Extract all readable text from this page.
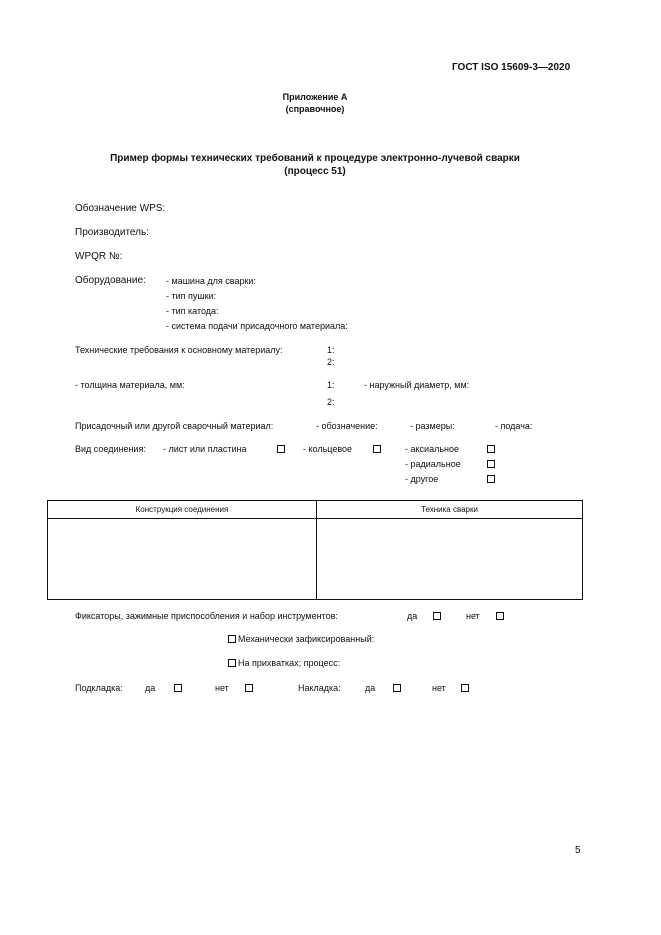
ГОСТ ISO 15609-3—2020
Приложение А
(справочное)
Пример формы технических требований к процедуре электронно-лучевой сварки
(процесс 51)
Обозначение WPS:
Производитель:
WPQR №:
Оборудование: - машина для сварки:
- тип пушки:
- тип катода:
- система подачи присадочного материала:
Технические требования к основному материалу:	1:
2:
- толщина материала, мм:	1:	- наружный диаметр, мм:
2:
Присадочный или другой сварочный материал:	- обозначение:	- размеры:	- подача:
Вид соединения: - лист или пластина	- кольцевое	- аксиальное
- радиальное
- другое
Конструкция соединения	Техника сварки

Фиксаторы, зажимные приспособления и набор инструментов:	да	нет
Механически зафиксированный:
На прихватках; процесс:
Подкладка: да	нет	Накладка:	да	нет
5
